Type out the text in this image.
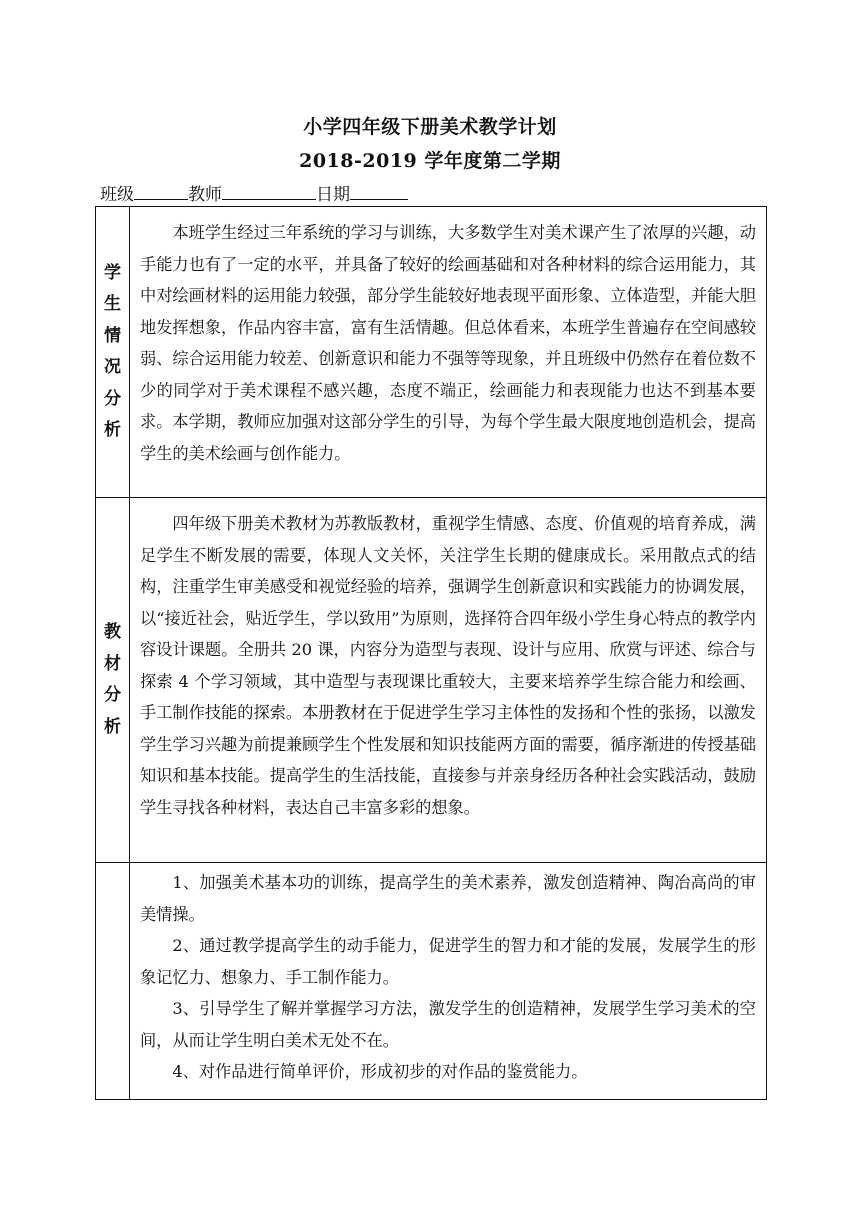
小学四年级下册美术教学计划
2018-2019 学年度第二学期
班级	教师	日期
学
生
情
况
分
析

本班学生经过三年系统的学习与训练，大多数学生对美术课产生了浓厚的兴趣，动手能力也有了一定的水平，并具备了较好的绘画基础和对各种材料的综合运用能力，其中对绘画材料的运用能力较强，部分学生能较好地表现平面形象、立体造型，并能大胆地发挥想象，作品内容丰富，富有生活情趣。但总体看来，本班学生普遍存在空间感较弱、综合运用能力较差、创新意识和能力不强等等现象，并且班级中仍然存在着位数不少的同学对于美术课程不感兴趣，态度不端正，绘画能力和表现能力也达不到基本要求。本学期，教师应加强对这部分学生的引导，为每个学生最大限度地创造机会，提高学生的美术绘画与创作能力。

教
材
分
析

四年级下册美术教材为苏教版教材，重视学生情感、态度、价值观的培育养成，满足学生不断发展的需要，体现人文关怀，关注学生长期的健康成长。采用散点式的结构，注重学生审美感受和视觉经验的培养，强调学生创新意识和实践能力的协调发展，以“接近社会，贴近学生，学以致用”为原则，选择符合四年级小学生身心特点的教学内容设计课题。全册共 20 课，内容分为造型与表现、设计与应用、欣赏与评述、综合与探索 4 个学习领域，其中造型与表现课比重较大，主要来培养学生综合能力和绘画、手工制作技能的探索。本册教材在于促进学生学习主体性的发扬和个性的张扬，以激发学生学习兴趣为前提兼顾学生个性发展和知识技能两方面的需要，循序渐进的传授基础知识和基本技能。提高学生的生活技能，直接参与并亲身经历各种社会实践活动，鼓励学生寻找各种材料，表达自己丰富多彩的想象。

1、加强美术基本功的训练，提高学生的美术素养，激发创造精神、陶冶高尚的审美情操。

2、通过教学提高学生的动手能力，促进学生的智力和才能的发展，发展学生的形象记忆力、想象力、手工制作能力。

3、引导学生了解并掌握学习方法，激发学生的创造精神，发展学生学习美术的空间，从而让学生明白美术无处不在。

4、对作品进行简单评价，形成初步的对作品的鉴赏能力。
